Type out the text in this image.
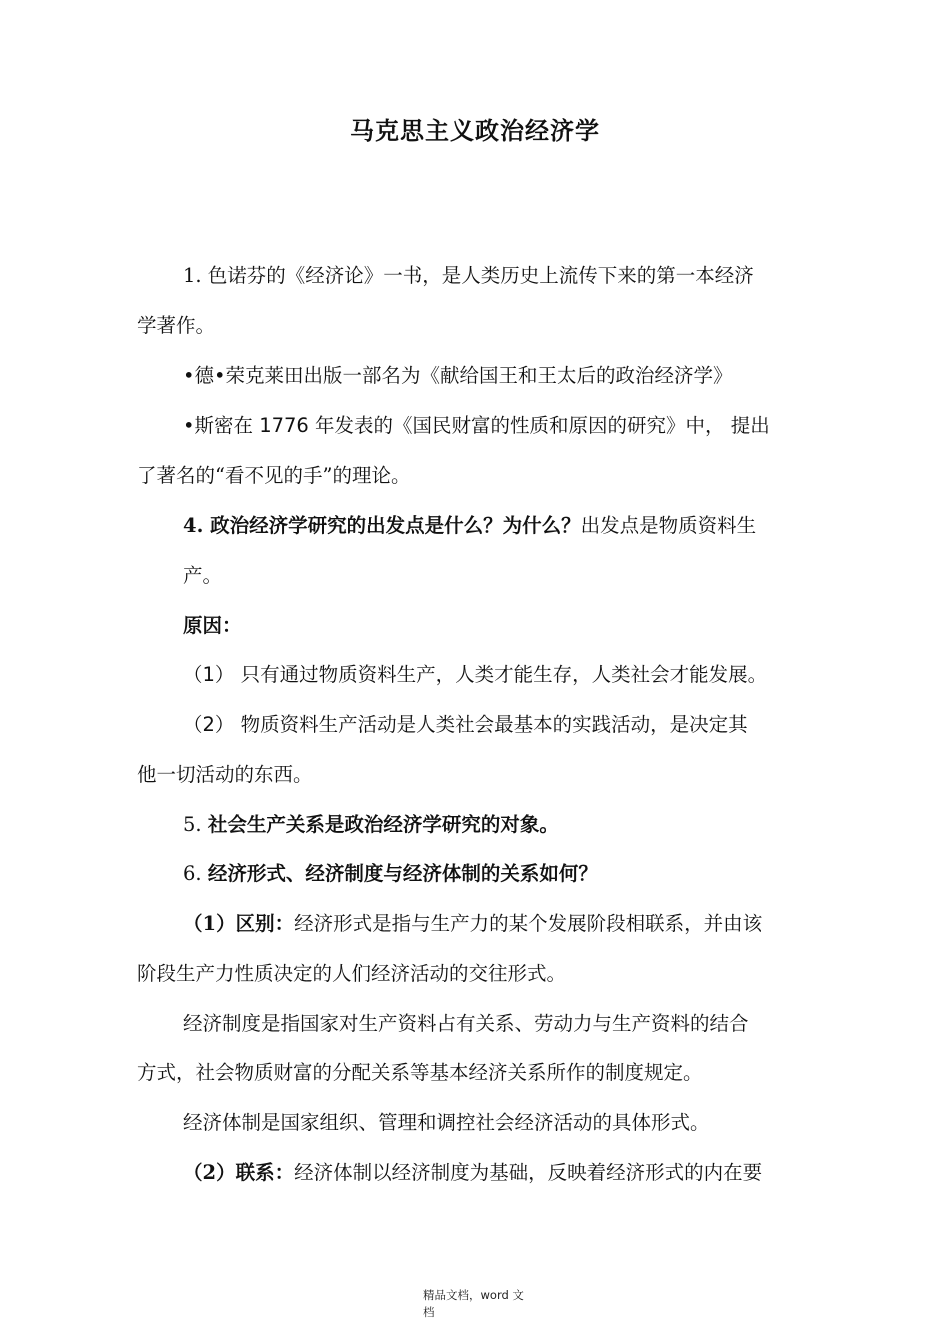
马克思主义政治经济学
1. 色诺芬的《经济论》一书，是人类历史上流传下来的第一本经济
学著作。
•德•荣克莱田出版一部名为《献给国王和王太后的政治经济学》
•斯密在 1776 年发表的《国民财富的性质和原因的研究》中， 提出
了著名的“看不见的手”的理论。
4. 政治经济学研究的出发点是什么？为什么？出发点是物质资料生
产。
原因：
（1） 只有通过物质资料生产，人类才能生存，人类社会才能发展。
（2） 物质资料生产活动是人类社会最基本的实践活动，是决定其
他一切活动的东西。
5. 社会生产关系是政治经济学研究的对象。
6. 经济形式、经济制度与经济体制的关系如何？
（1）区别：经济形式是指与生产力的某个发展阶段相联系，并由该
阶段生产力性质决定的人们经济活动的交往形式。
经济制度是指国家对生产资料占有关系、劳动力与生产资料的结合
方式，社会物质财富的分配关系等基本经济关系所作的制度规定。
经济体制是国家组织、管理和调控社会经济活动的具体形式。
（2）联系：经济体制以经济制度为基础，反映着经济形式的内在要
精品文档，word 文
档
